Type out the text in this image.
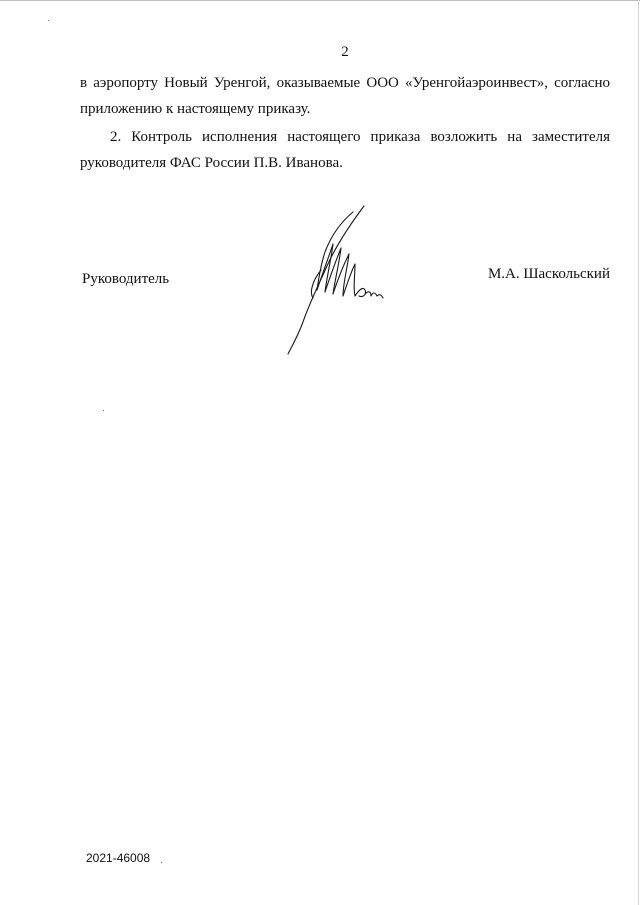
2

в аэропорту Новый Уренгой, оказываемые ООО «Уренгойаэроинвест», согласно
приложению к настоящему приказу.

2. Контроль исполнения настоящего приказа возложить на заместителя
руководителя ФАС России П.В. Иванова.

Руководитель	М.А. Шаскольский
2021-46008
